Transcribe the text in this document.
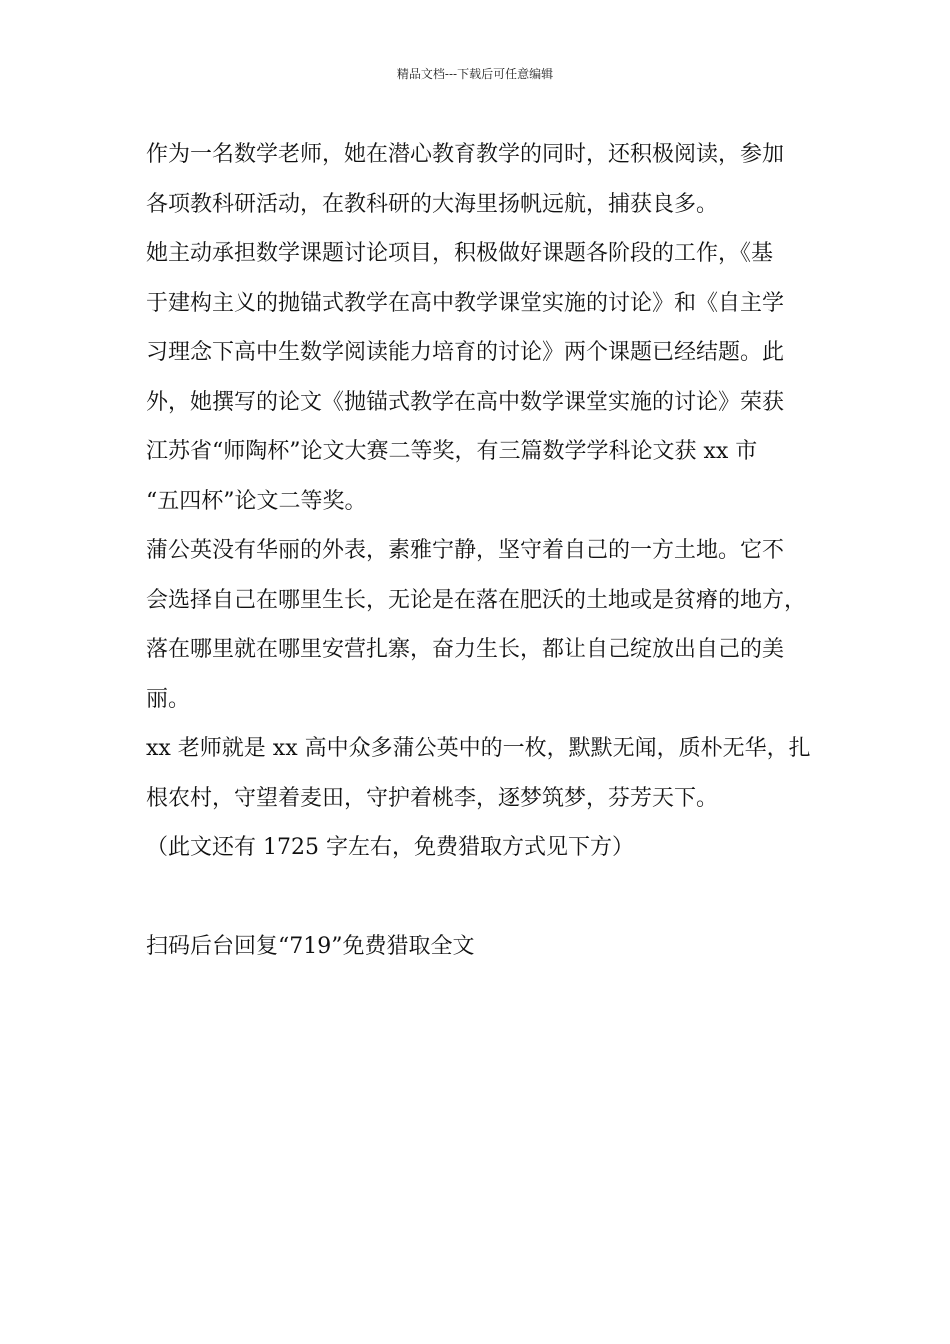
精品文档---下载后可任意编辑
作为一名数学老师，她在潜心教育教学的同时，还积极阅读，参加
各项教科研活动，在教科研的大海里扬帆远航，捕获良多。
她主动承担数学课题讨论项目，积极做好课题各阶段的工作，《基
于建构主义的抛锚式教学在高中教学课堂实施的讨论》和《自主学
习理念下高中生数学阅读能力培育的讨论》两个课题已经结题。此
外，她撰写的论文《抛锚式教学在高中数学课堂实施的讨论》荣获
江苏省“师陶杯”论文大赛二等奖，有三篇数学学科论文获 xx 市
“五四杯”论文二等奖。
蒲公英没有华丽的外表，素雅宁静，坚守着自己的一方土地。它不
会选择自己在哪里生长，无论是在落在肥沃的土地或是贫瘠的地方，
落在哪里就在哪里安营扎寨，奋力生长，都让自己绽放出自己的美
丽。
xx 老师就是 xx 高中众多蒲公英中的一枚，默默无闻，质朴无华，扎
根农村，守望着麦田，守护着桃李，逐梦筑梦，芬芳天下。
（此文还有 1725 字左右，免费猎取方式见下方）
扫码后台回复“719”免费猎取全文
